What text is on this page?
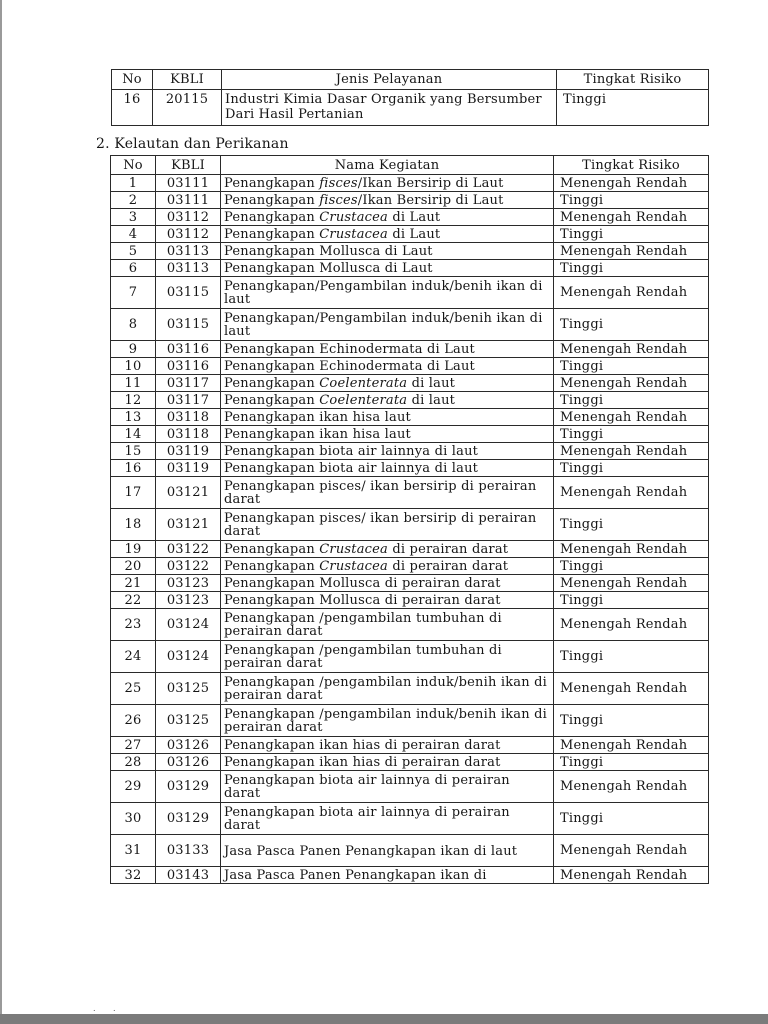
No	KBLI	Jenis Pelayanan	Tingkat Risiko
16	20115	Industri Kimia Dasar Organik yang Bersumber Dari Hasil Pertanian	Tinggi
2. Kelautan dan Perikanan
No	KBLI	Nama Kegiatan	Tingkat Risiko
1	03111	Penangkapan fisces/Ikan Bersirip di Laut	Menengah Rendah
2	03111	Penangkapan fisces/Ikan Bersirip di Laut	Tinggi
3	03112	Penangkapan Crustacea di Laut	Menengah Rendah
4	03112	Penangkapan Crustacea di Laut	Tinggi
5	03113	Penangkapan Mollusca di Laut	Menengah Rendah
6	03113	Penangkapan Mollusca di Laut	Tinggi
7	03115	Penangkapan/Pengambilan induk/benih ikan di laut	Menengah Rendah
8	03115	Penangkapan/Pengambilan induk/benih ikan di laut	Tinggi
9	03116	Penangkapan Echinodermata di Laut	Menengah Rendah
10	03116	Penangkapan Echinodermata di Laut	Tinggi
11	03117	Penangkapan Coelenterata di laut	Menengah Rendah
12	03117	Penangkapan Coelenterata di laut	Tinggi
13	03118	Penangkapan ikan hisa laut	Menengah Rendah
14	03118	Penangkapan ikan hisa laut	Tinggi
15	03119	Penangkapan biota air lainnya di laut	Menengah Rendah
16	03119	Penangkapan biota air lainnya di laut	Tinggi
17	03121	Penangkapan pisces/ ikan bersirip di perairan darat	Menengah Rendah
18	03121	Penangkapan pisces/ ikan bersirip di perairan darat	Tinggi
19	03122	Penangkapan Crustacea di perairan darat	Menengah Rendah
20	03122	Penangkapan Crustacea di perairan darat	Tinggi
21	03123	Penangkapan Mollusca di perairan darat	Menengah Rendah
22	03123	Penangkapan Mollusca di perairan darat	Tinggi
23	03124	Penangkapan /pengambilan tumbuhan di perairan darat	Menengah Rendah
24	03124	Penangkapan /pengambilan tumbuhan di perairan darat	Tinggi
25	03125	Penangkapan /pengambilan induk/benih ikan di perairan darat	Menengah Rendah
26	03125	Penangkapan /pengambilan induk/benih ikan di perairan darat	Tinggi
27	03126	Penangkapan ikan hias di perairan darat	Menengah Rendah
28	03126	Penangkapan ikan hias di perairan darat	Tinggi
29	03129	Penangkapan biota air lainnya di perairan darat	Menengah Rendah
30	03129	Penangkapan biota air lainnya di perairan darat	Tinggi
31	03133	Jasa Pasca Panen Penangkapan ikan di laut	Menengah Rendah
32	03143	Jasa Pasca Panen Penangkapan ikan di	Menengah Rendah
. .
